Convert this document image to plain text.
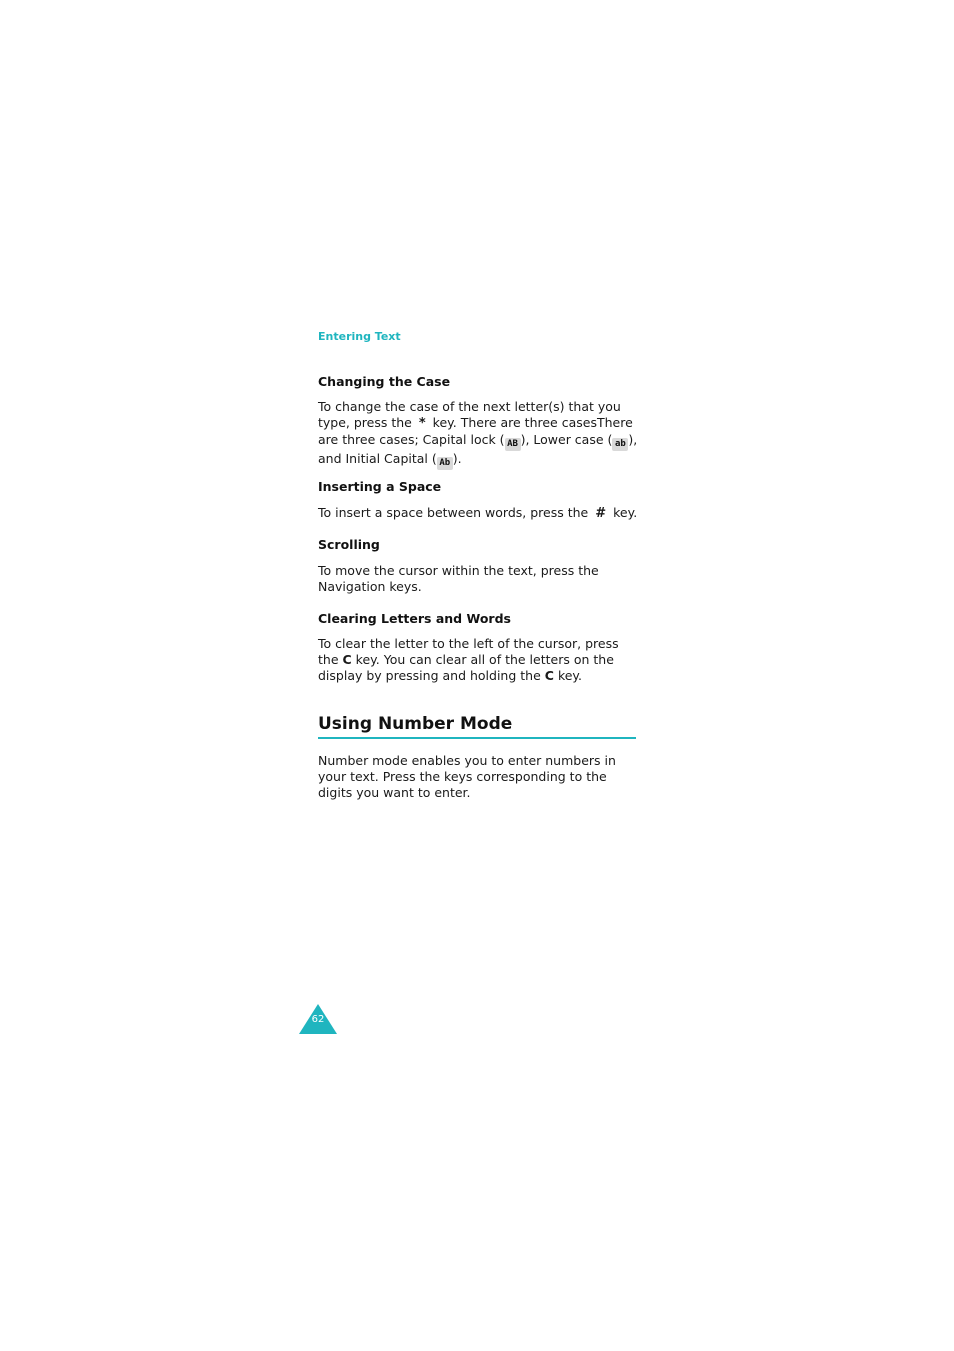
Entering Text

Changing the Case

To change the case of the next letter(s) that you type, press the * key. There are three casesThere are three cases; Capital lock ( AB ), Lower case ( ab ), and Initial Capital ( Ab ).

Inserting a Space

To insert a space between words, press the # key.

Scrolling

To move the cursor within the text, press the Navigation keys.

Clearing Letters and Words

To clear the letter to the left of the cursor, press the C key. You can clear all of the letters on the display by pressing and holding the C key.

Using Number Mode

Number mode enables you to enter numbers in your text. Press the keys corresponding to the digits you want to enter.

62
